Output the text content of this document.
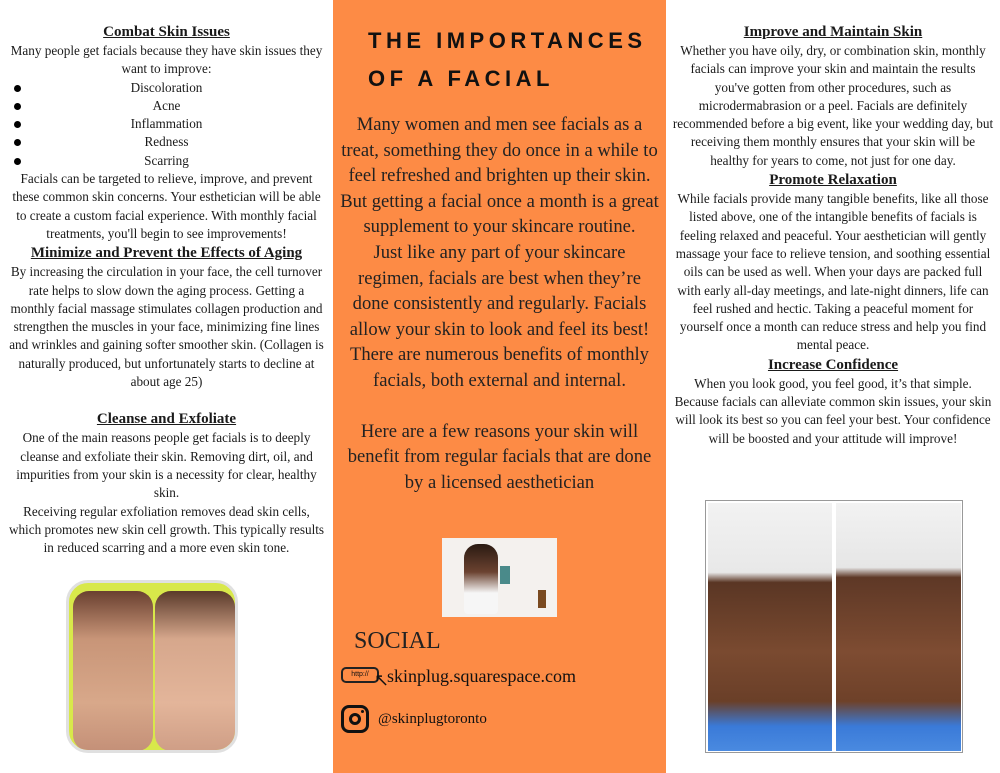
Combat Skin Issues

Many people get facials because they have skin issues they want to improve:

Discoloration
Acne
Inflammation
Redness
Scarring

Facials can be targeted to relieve, improve, and prevent these common skin concerns. Your esthetician will be able to create a custom facial experience. With monthly facial treatments, you'll begin to see improvements!

Minimize and Prevent the Effects of Aging

By increasing the circulation in your face, the cell turnover rate helps to slow down the aging process. Getting a monthly facial massage stimulates collagen production and strengthen the muscles in your face, minimizing fine lines and wrinkles and gaining softer smoother skin. (Collagen is naturally produced, but unfortunately starts to decline at about age 25)

Cleanse and Exfoliate

One of the main reasons people get facials is to deeply cleanse and exfoliate their skin. Removing dirt, oil, and impurities from your skin is a necessity for clear, healthy skin.

Receiving regular exfoliation removes dead skin cells, which promotes new skin cell growth. This typically results in reduced scarring and a more even skin tone.

THE IMPORTANCES
OF A FACIAL

Many women and men see facials as a treat, something they do once in a while to feel refreshed and brighten up their skin. But getting a facial once a month is a great supplement to your skincare routine.

Just like any part of your skincare regimen, facials are best when they’re done consistently and regularly. Facials allow your skin to look and feel its best! There are numerous benefits of monthly facials, both external and internal.

Here are a few reasons your skin will benefit from regular facials that are done by a licensed aesthetician

SOCIAL
http:// ↖
skinplug.squarespace.com
@skinplugtoronto
Improve and Maintain Skin

Whether you have oily, dry, or combination skin, monthly facials can improve your skin and maintain the results you've gotten from other procedures, such as microdermabrasion or a peel. Facials are definitely recommended before a big event, like your wedding day, but receiving them monthly ensures that your skin will be healthy for years to come, not just for one day.

Promote Relaxation

While facials provide many tangible benefits, like all those listed above, one of the intangible benefits of facials is feeling relaxed and peaceful. Your aesthetician will gently massage your face to relieve tension, and soothing essential oils can be used as well. When your days are packed full with early all-day meetings, and late-night dinners, life can feel rushed and hectic. Taking a peaceful moment for yourself once a month can reduce stress and help you find mental peace.

Increase Confidence

When you look good, you feel good, it’s that simple. Because facials can alleviate common skin issues, your skin will look its best so you can feel your best. Your confidence will be boosted and your attitude will improve!
